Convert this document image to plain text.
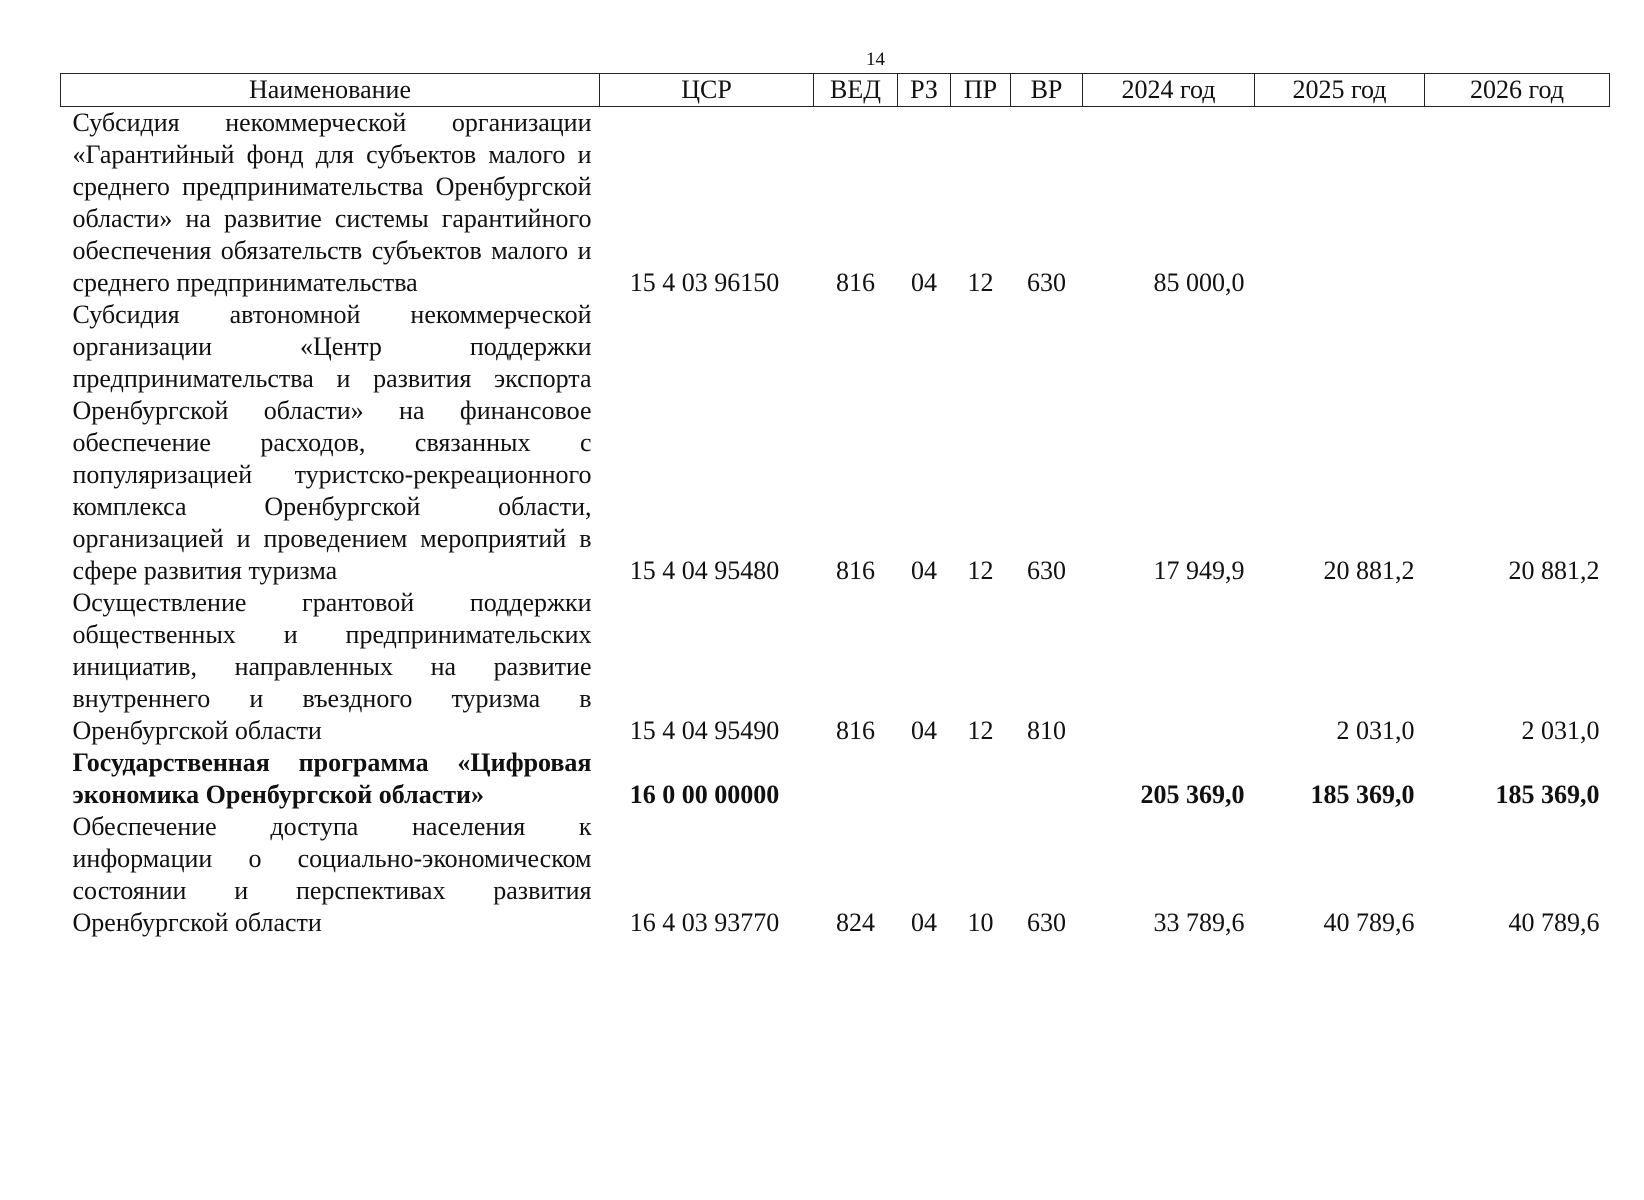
14
Наименование	ЦСР	ВЕД	РЗ	ПР	ВР	2024 год	2025 год	2026 год
Субсидия некоммерческой организации «Гарантийный фонд для субъектов малого и среднего предпринимательства Оренбургской области» на развитие системы гарантийного обеспечения обязательств субъектов малого и среднего предпринимательства	15 4 03 96150	816	04	12	630	85 000,0		
Субсидия автономной некоммерческой организации «Центр поддержки предпринимательства и развития экспорта Оренбургской области» на финансовое обеспечение расходов, связанных с популяризацией туристско-рекреационного комплекса Оренбургской области, организацией и проведением мероприятий в сфере развития туризма	15 4 04 95480	816	04	12	630	17 949,9	20 881,2	20 881,2
Осуществление грантовой поддержки общественных и предпринимательских инициатив, направленных на развитие внутреннего и въездного туризма в Оренбургской области	15 4 04 95490	816	04	12	810		2 031,0	2 031,0
Государственная программа «Цифровая экономика Оренбургской области»	16 0 00 00000					205 369,0	185 369,0	185 369,0
Обеспечение доступа населения к информации о социально-экономическом состоянии и перспективах развития Оренбургской области	16 4 03 93770	824	04	10	630	33 789,6	40 789,6	40 789,6
